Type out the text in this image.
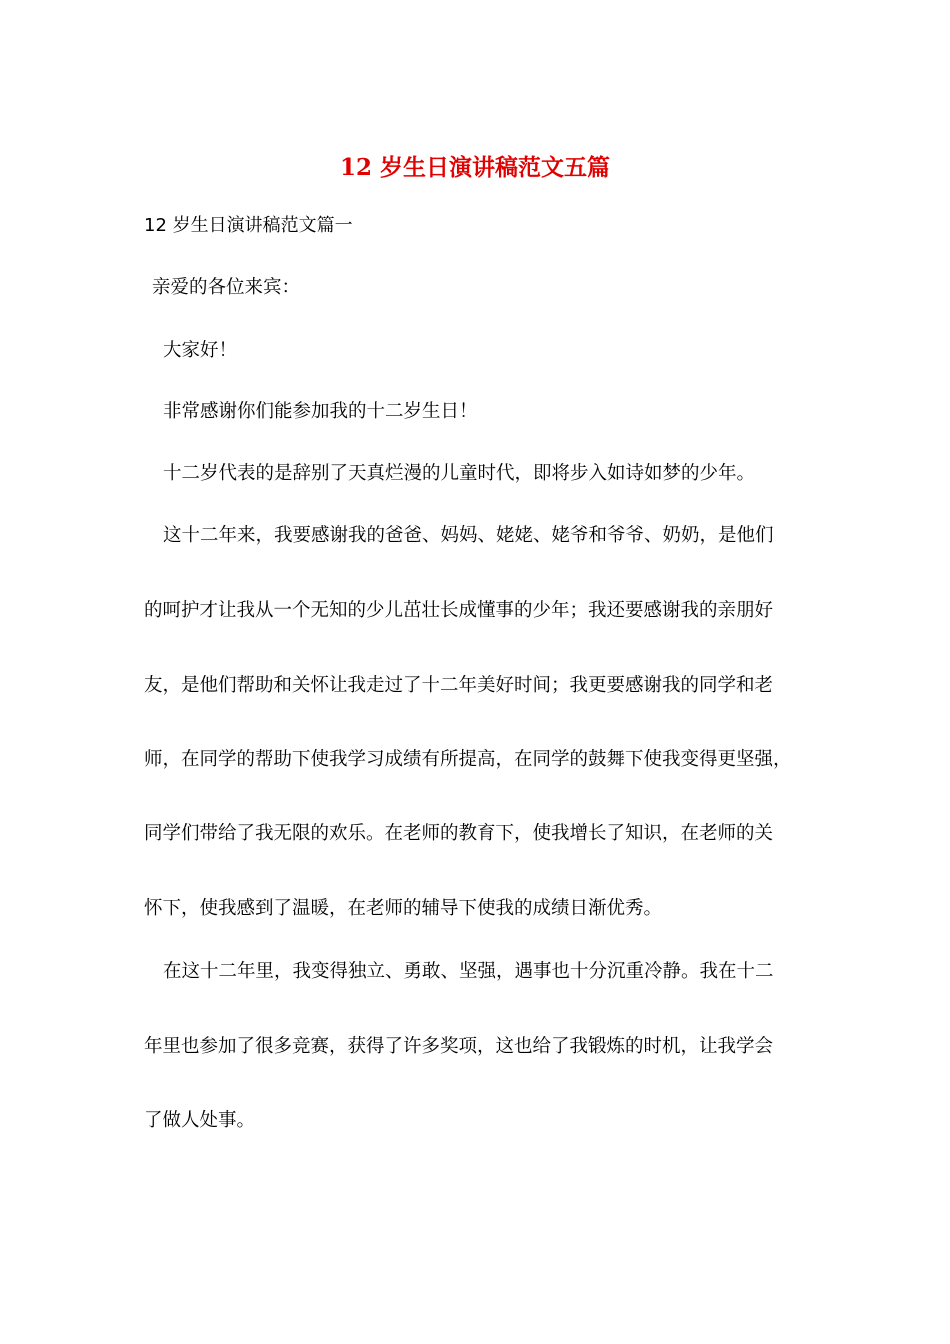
12 岁生日演讲稿范文五篇
12 岁生日演讲稿范文篇一
亲爱的各位来宾：
大家好！
非常感谢你们能参加我的十二岁生日！
十二岁代表的是辞别了天真烂漫的儿童时代，即将步入如诗如梦的少年。
这十二年来，我要感谢我的爸爸、妈妈、姥姥、姥爷和爷爷、奶奶，是他们
的呵护才让我从一个无知的少儿茁壮长成懂事的少年；我还要感谢我的亲朋好
友，是他们帮助和关怀让我走过了十二年美好时间；我更要感谢我的同学和老
师，在同学的帮助下使我学习成绩有所提高，在同学的鼓舞下使我变得更坚强，
同学们带给了我无限的欢乐。在老师的教育下，使我增长了知识，在老师的关
怀下，使我感到了温暖，在老师的辅导下使我的成绩日渐优秀。
在这十二年里，我变得独立、勇敢、坚强，遇事也十分沉重冷静。我在十二
年里也参加了很多竞赛，获得了许多奖项，这也给了我锻炼的时机，让我学会
了做人处事。
